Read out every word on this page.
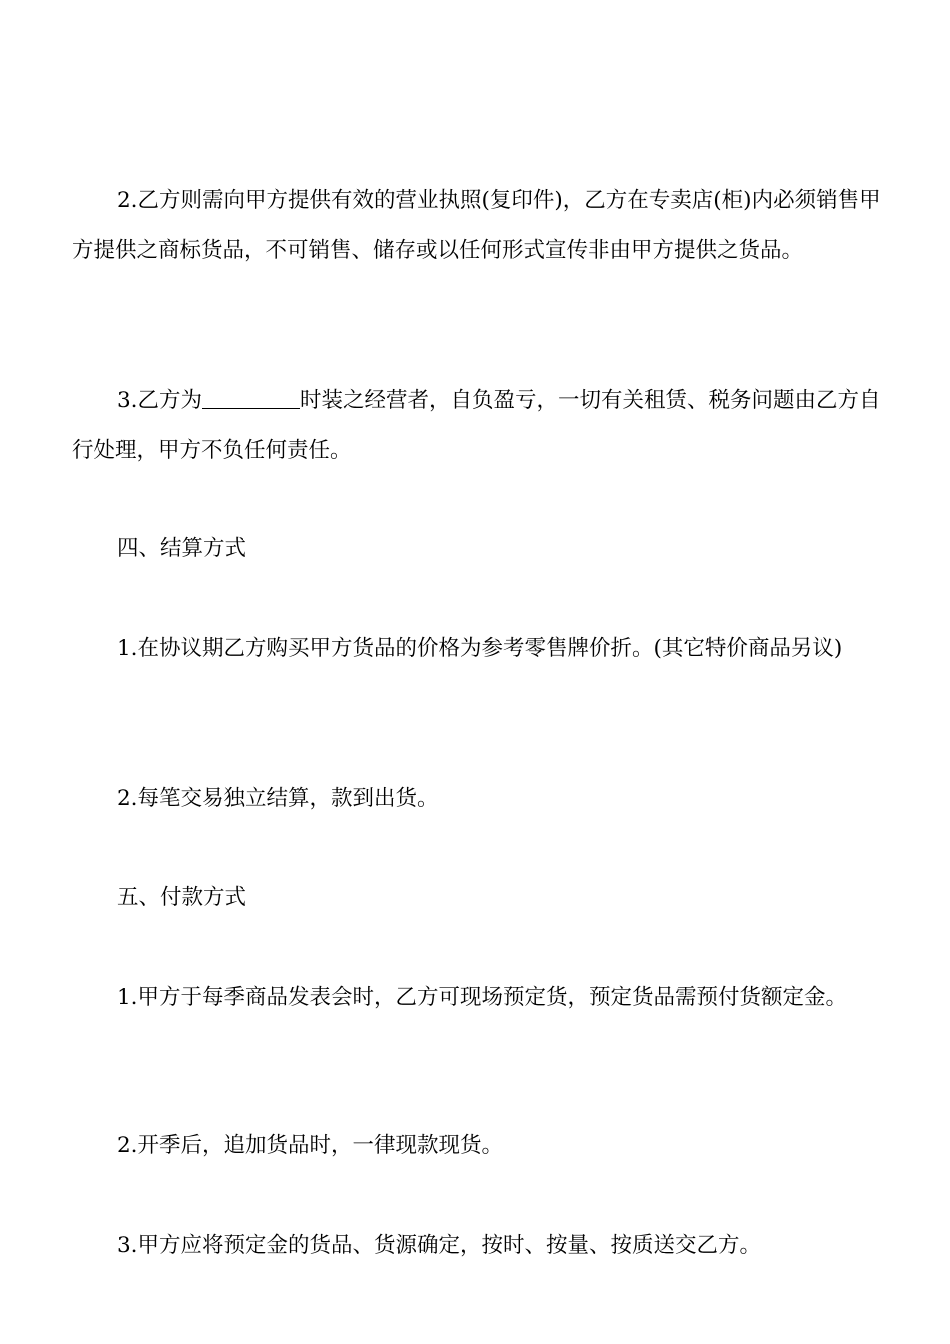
2.乙方则需向甲方提供有效的营业执照(复印件)，乙方在专卖店(柜)内必须销售甲方提供之商标货品，不可销售、储存或以任何形式宣传非由甲方提供之货品。

3.乙方为	时装之经营者，自负盈亏，一切有关租赁、税务问题由乙方自行处理，甲方不负任何责任。

四、结算方式

1.在协议期乙方购买甲方货品的价格为参考零售牌价折。(其它特价商品另议)

2.每笔交易独立结算，款到出货。

五、付款方式

1.甲方于每季商品发表会时，乙方可现场预定货，预定货品需预付货额定金。

2.开季后，追加货品时，一律现款现货。

3.甲方应将预定金的货品、货源确定，按时、按量、按质送交乙方。
